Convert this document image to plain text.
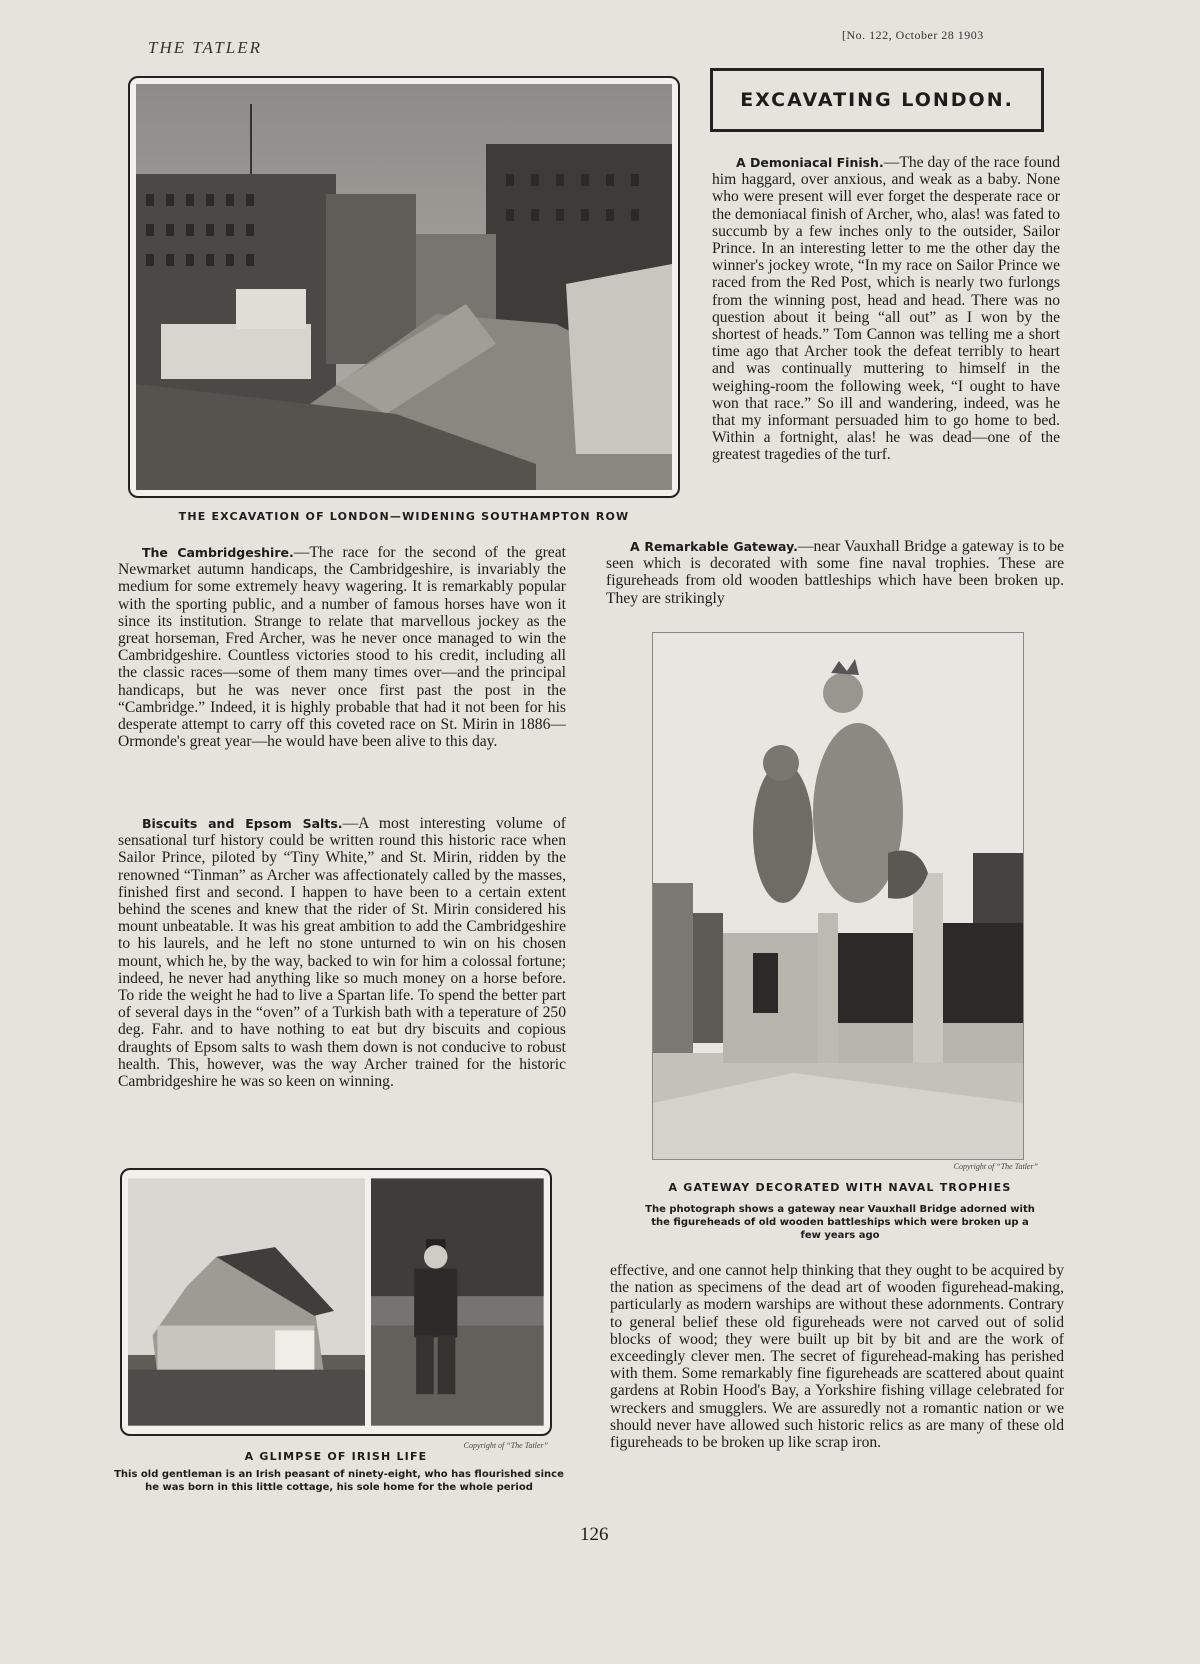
THE TATLER
[No. 122, October 28 1903
THE EXCAVATION OF LONDON—WIDENING SOUTHAMPTON ROW
EXCAVATING LONDON.

A Demoniacal Finish.—The day of the race found him haggard, over anxious, and weak as a baby. None who were present will ever forget the desperate race or the demoniacal finish of Archer, who, alas! was fated to succumb by a few inches only to the outsider, Sailor Prince. In an interesting letter to me the other day the winner's jockey wrote, “In my race on Sailor Prince we raced from the Red Post, which is nearly two furlongs from the winning post, head and head. There was no question about it being “all out” as I won by the shortest of heads.” Tom Cannon was telling me a short time ago that Archer took the defeat terribly to heart and was continually muttering to himself in the weighing-room the following week, “I ought to have won that race.” So ill and wandering, indeed, was he that my informant persuaded him to go home to bed. Within a fortnight, alas! he was dead—one of the greatest tragedies of the turf.

The Cambridgeshire.—The race for the second of the great Newmarket autumn handicaps, the Cambridgeshire, is invariably the medium for some extremely heavy wagering. It is remarkably popular with the sporting public, and a number of famous horses have won it since its institution. Strange to relate that marvellous jockey as the great horseman, Fred Archer, was he never once managed to win the Cambridgeshire. Countless victories stood to his credit, including all the classic races—some of them many times over—and the principal handicaps, but he was never once first past the post in the “Cambridge.” Indeed, it is highly probable that had it not been for his desperate attempt to carry off this coveted race on St. Mirin in 1886—Ormonde's great year—he would have been alive to this day.

Biscuits and Epsom Salts.—A most interesting volume of sensational turf history could be written round this historic race when Sailor Prince, piloted by “Tiny White,” and St. Mirin, ridden by the renowned “Tinman” as Archer was affectionately called by the masses, finished first and second. I happen to have been to a certain extent behind the scenes and knew that the rider of St. Mirin considered his mount unbeatable. It was his great ambition to add the Cambridgeshire to his laurels, and he left no stone unturned to win on his chosen mount, which he, by the way, backed to win for him a colossal fortune; indeed, he never had anything like so much money on a horse before. To ride the weight he had to live a Spartan life. To spend the better part of several days in the “oven” of a Turkish bath with a teperature of 250 deg. Fahr. and to have nothing to eat but dry biscuits and copious draughts of Epsom salts to wash them down is not conducive to robust health. This, however, was the way Archer trained for the historic Cambridgeshire he was so keen on winning.

A Remarkable Gateway.—near Vauxhall Bridge a gateway is to be seen which is decorated with some fine naval trophies. These are figureheads from old wooden battleships which have been broken up. They are strikingly

Copyright of “The Tatler”
A GATEWAY DECORATED WITH NAVAL TROPHIES
The photograph shows a gateway near Vauxhall Bridge adorned with the figureheads of old wooden battleships which were broken up a few years ago

effective, and one cannot help thinking that they ought to be acquired by the nation as specimens of the dead art of wooden figurehead-making, particularly as modern warships are without these adornments. Contrary to general belief these old figureheads were not carved out of solid blocks of wood; they were built up bit by bit and are the work of exceedingly clever men. The secret of figurehead-making has perished with them. Some remarkably fine figureheads are scattered about quaint gardens at Robin Hood's Bay, a Yorkshire fishing village celebrated for wreckers and smugglers. We are assuredly not a romantic nation or we should never have allowed such historic relics as are many of these old figureheads to be broken up like scrap iron.

Copyright of “The Tatler”
A GLIMPSE OF IRISH LIFE
This old gentleman is an Irish peasant of ninety-eight, who has flourished since he was born in this little cottage, his sole home for the whole period
126
